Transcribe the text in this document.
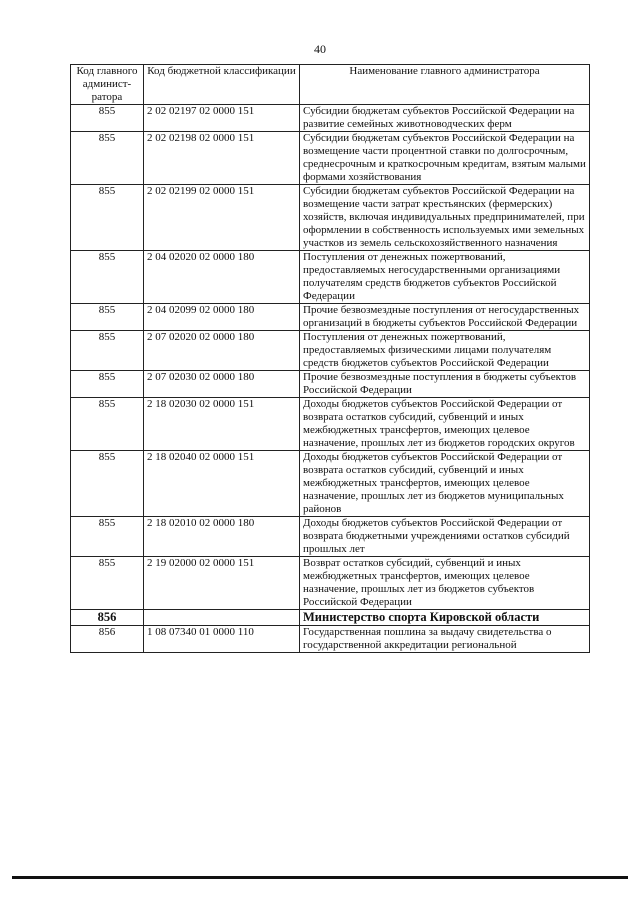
40
Код главного админист- ратора	Код бюджетной классификации	Наименование главного администратора
855	2 02 02197 02 0000 151	Субсидии бюджетам субъектов Российской Федерации на развитие семейных животноводческих ферм
855	2 02 02198 02 0000 151	Субсидии бюджетам субъектов Российской Федерации на возмещение части процентной ставки по долгосрочным, среднесрочным и краткосрочным кредитам, взятым малыми формами хозяйствования
855	2 02 02199 02 0000 151	Субсидии бюджетам субъектов Российской Федерации на возмещение части затрат крестьянских (фермерских) хозяйств, включая индивидуальных предпринимателей, при оформлении в собственность используемых ими земельных участков из земель сельскохозяйственного назначения
855	2 04 02020 02 0000 180	Поступления от денежных пожертвований, предоставляемых негосударственными организациями получателям средств бюджетов субъектов Российской Федерации
855	2 04 02099 02 0000 180	Прочие безвозмездные поступления от негосударственных организаций в бюджеты субъектов Российской Федерации
855	2 07 02020 02 0000 180	Поступления от денежных пожертвований, предоставляемых физическими лицами получателям средств бюджетов субъектов Российской Федерации
855	2 07 02030 02 0000 180	Прочие безвозмездные поступления в бюджеты субъектов Российской Федерации
855	2 18 02030 02 0000 151	Доходы бюджетов субъектов Российской Федерации от возврата остатков субсидий, субвенций и иных межбюджетных трансфертов, имеющих целевое назначение, прошлых лет из бюджетов городских округов
855	2 18 02040 02 0000 151	Доходы бюджетов субъектов Российской Федерации от возврата остатков субсидий, субвенций и иных межбюджетных трансфертов, имеющих целевое назначение, прошлых лет из бюджетов муниципальных районов
855	2 18 02010 02 0000 180	Доходы бюджетов субъектов Российской Федерации от возврата бюджетными учреждениями остатков субсидий прошлых лет
855	2 19 02000 02 0000 151	Возврат остатков субсидий, субвенций и иных межбюджетных трансфертов, имеющих целевое назначение, прошлых лет из бюджетов субъектов Российской Федерации
856		Министерство спорта Кировской области
856	1 08 07340 01 0000 110	Государственная пошлина за выдачу свидетельства о государственной аккредитации региональной
